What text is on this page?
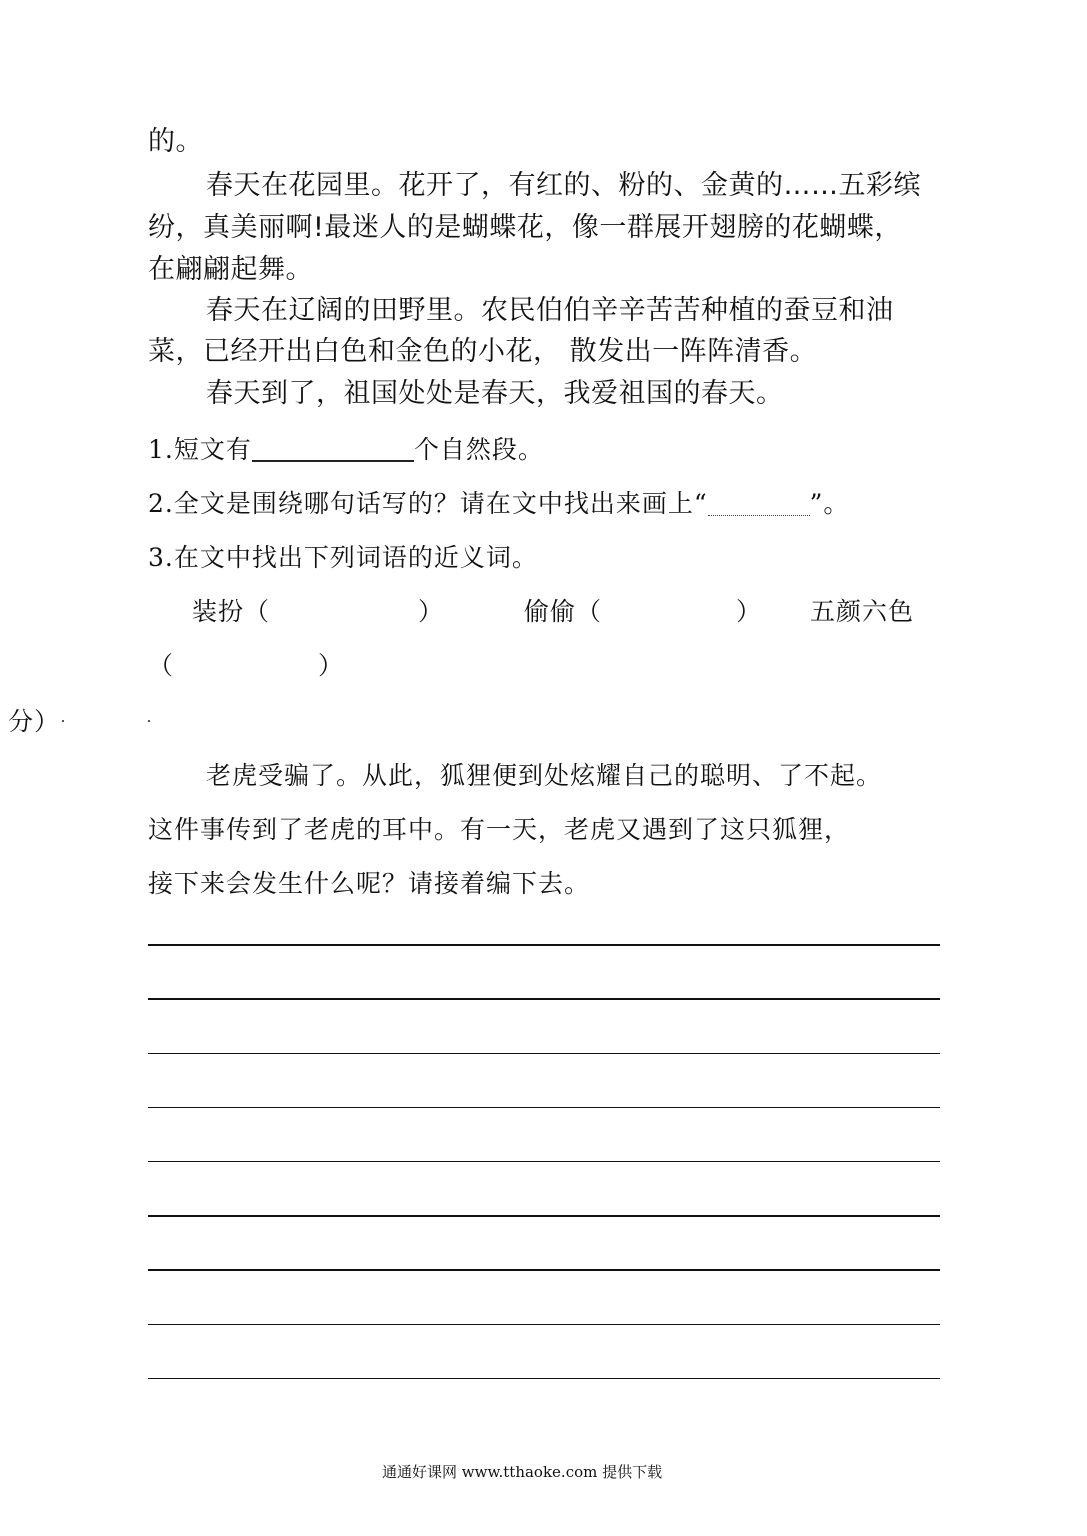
的。
春天在花园里。花开了，有红的、粉的、金黄的……五彩缤
纷，真美丽啊!最迷人的是蝴蝶花，像一群展开翅膀的花蝴蝶，
在翩翩起舞。
春天在辽阔的田野里。农民伯伯辛辛苦苦种植的蚕豆和油
菜，已经开出白色和金色的小花， 散发出一阵阵清香。
春天到了，祖国处处是春天，我爱祖国的春天。
1.短文有	个自然段。
2.全文是围绕哪句话写的？请在文中找出来画上“	”。
3.在文中找出下列词语的近义词。
装扮（	）	偷偷（	） 五颜六色
（	）
分）
老虎受骗了。从此，狐狸便到处炫耀自己的聪明、了不起。
这件事传到了老虎的耳中。有一天，老虎又遇到了这只狐狸，
接下来会发生什么呢？请接着编下去。
通通好课网 www.tthaoke.com 提供下载
